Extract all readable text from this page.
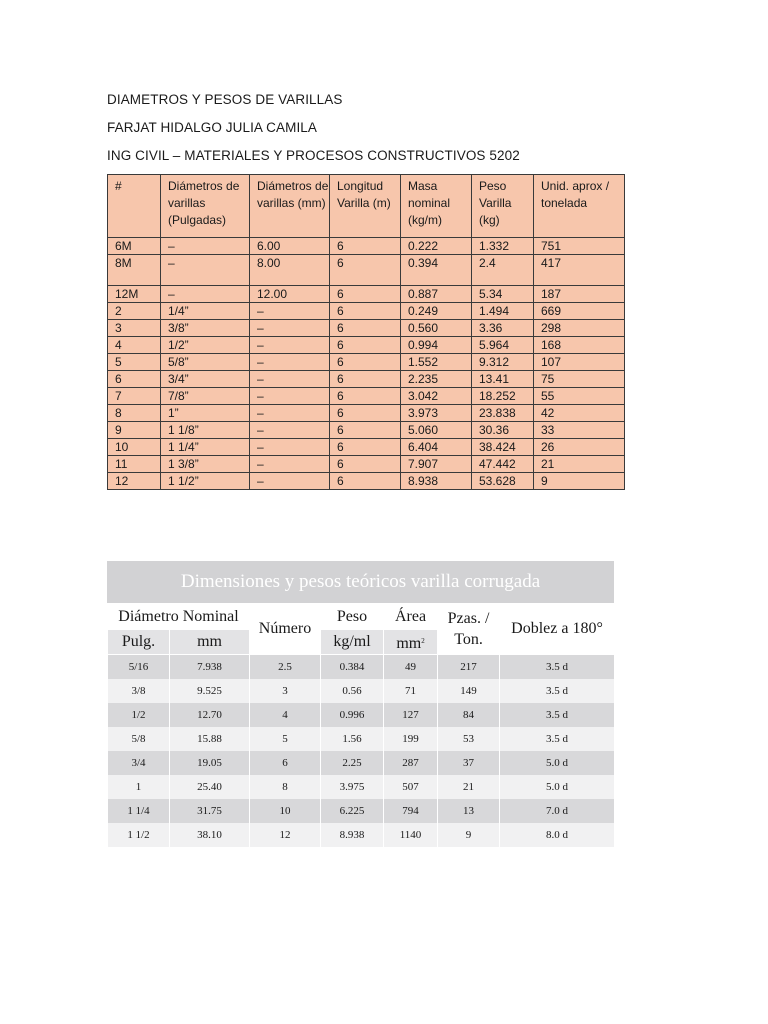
DIAMETROS Y PESOS DE VARILLAS
FARJAT HIDALGO JULIA CAMILA
ING CIVIL – MATERIALES Y PROCESOS CONSTRUCTIVOS 5202
#	Diámetros de varillas (Pulgadas)	Diámetros de varillas (mm)	Longitud Varilla (m)	Masa nominal (kg/m)	Peso Varilla (kg)	Unid. aprox / tonelada
6M	–	6.00	6	0.222	1.332	751
8M	–	8.00	6	0.394	2.4	417
12M	–	12.00	6	0.887	5.34	187
2	1/4”	–	6	0.249	1.494	669
3	3/8”	–	6	0.560	3.36	298
4	1/2”	–	6	0.994	5.964	168
5	5/8”	–	6	1.552	9.312	107
6	3/4”	–	6	2.235	13.41	75
7	7/8”	–	6	3.042	18.252	55
8	1”	–	6	3.973	23.838	42
9	1 1/8”	–	6	5.060	30.36	33
10	1 1/4”	–	6	6.404	38.424	26
11	1 3/8”	–	6	7.907	47.442	21
12	1 1/2”	–	6	8.938	53.628	9
Dimensiones y pesos teóricos varilla corrugada
Diámetro Nominal		Número	Peso	Área	Pzas. / Ton.	Doblez a 180°
Pulg.	mm		kg/ml	$mm^2$
5/16	7.938	2.5	0.384	49	217	3.5 d
3/8	9.525	3	0.56	71	149	3.5 d
1/2	12.70	4	0.996	127	84	3.5 d
5/8	15.88	5	1.56	199	53	3.5 d
3/4	19.05	6	2.25	287	37	5.0 d
1	25.40	8	3.975	507	21	5.0 d
1 1/4	31.75	10	6.225	794	13	7.0 d
1 1/2	38.10	12	8.938	1140	9	8.0 d
